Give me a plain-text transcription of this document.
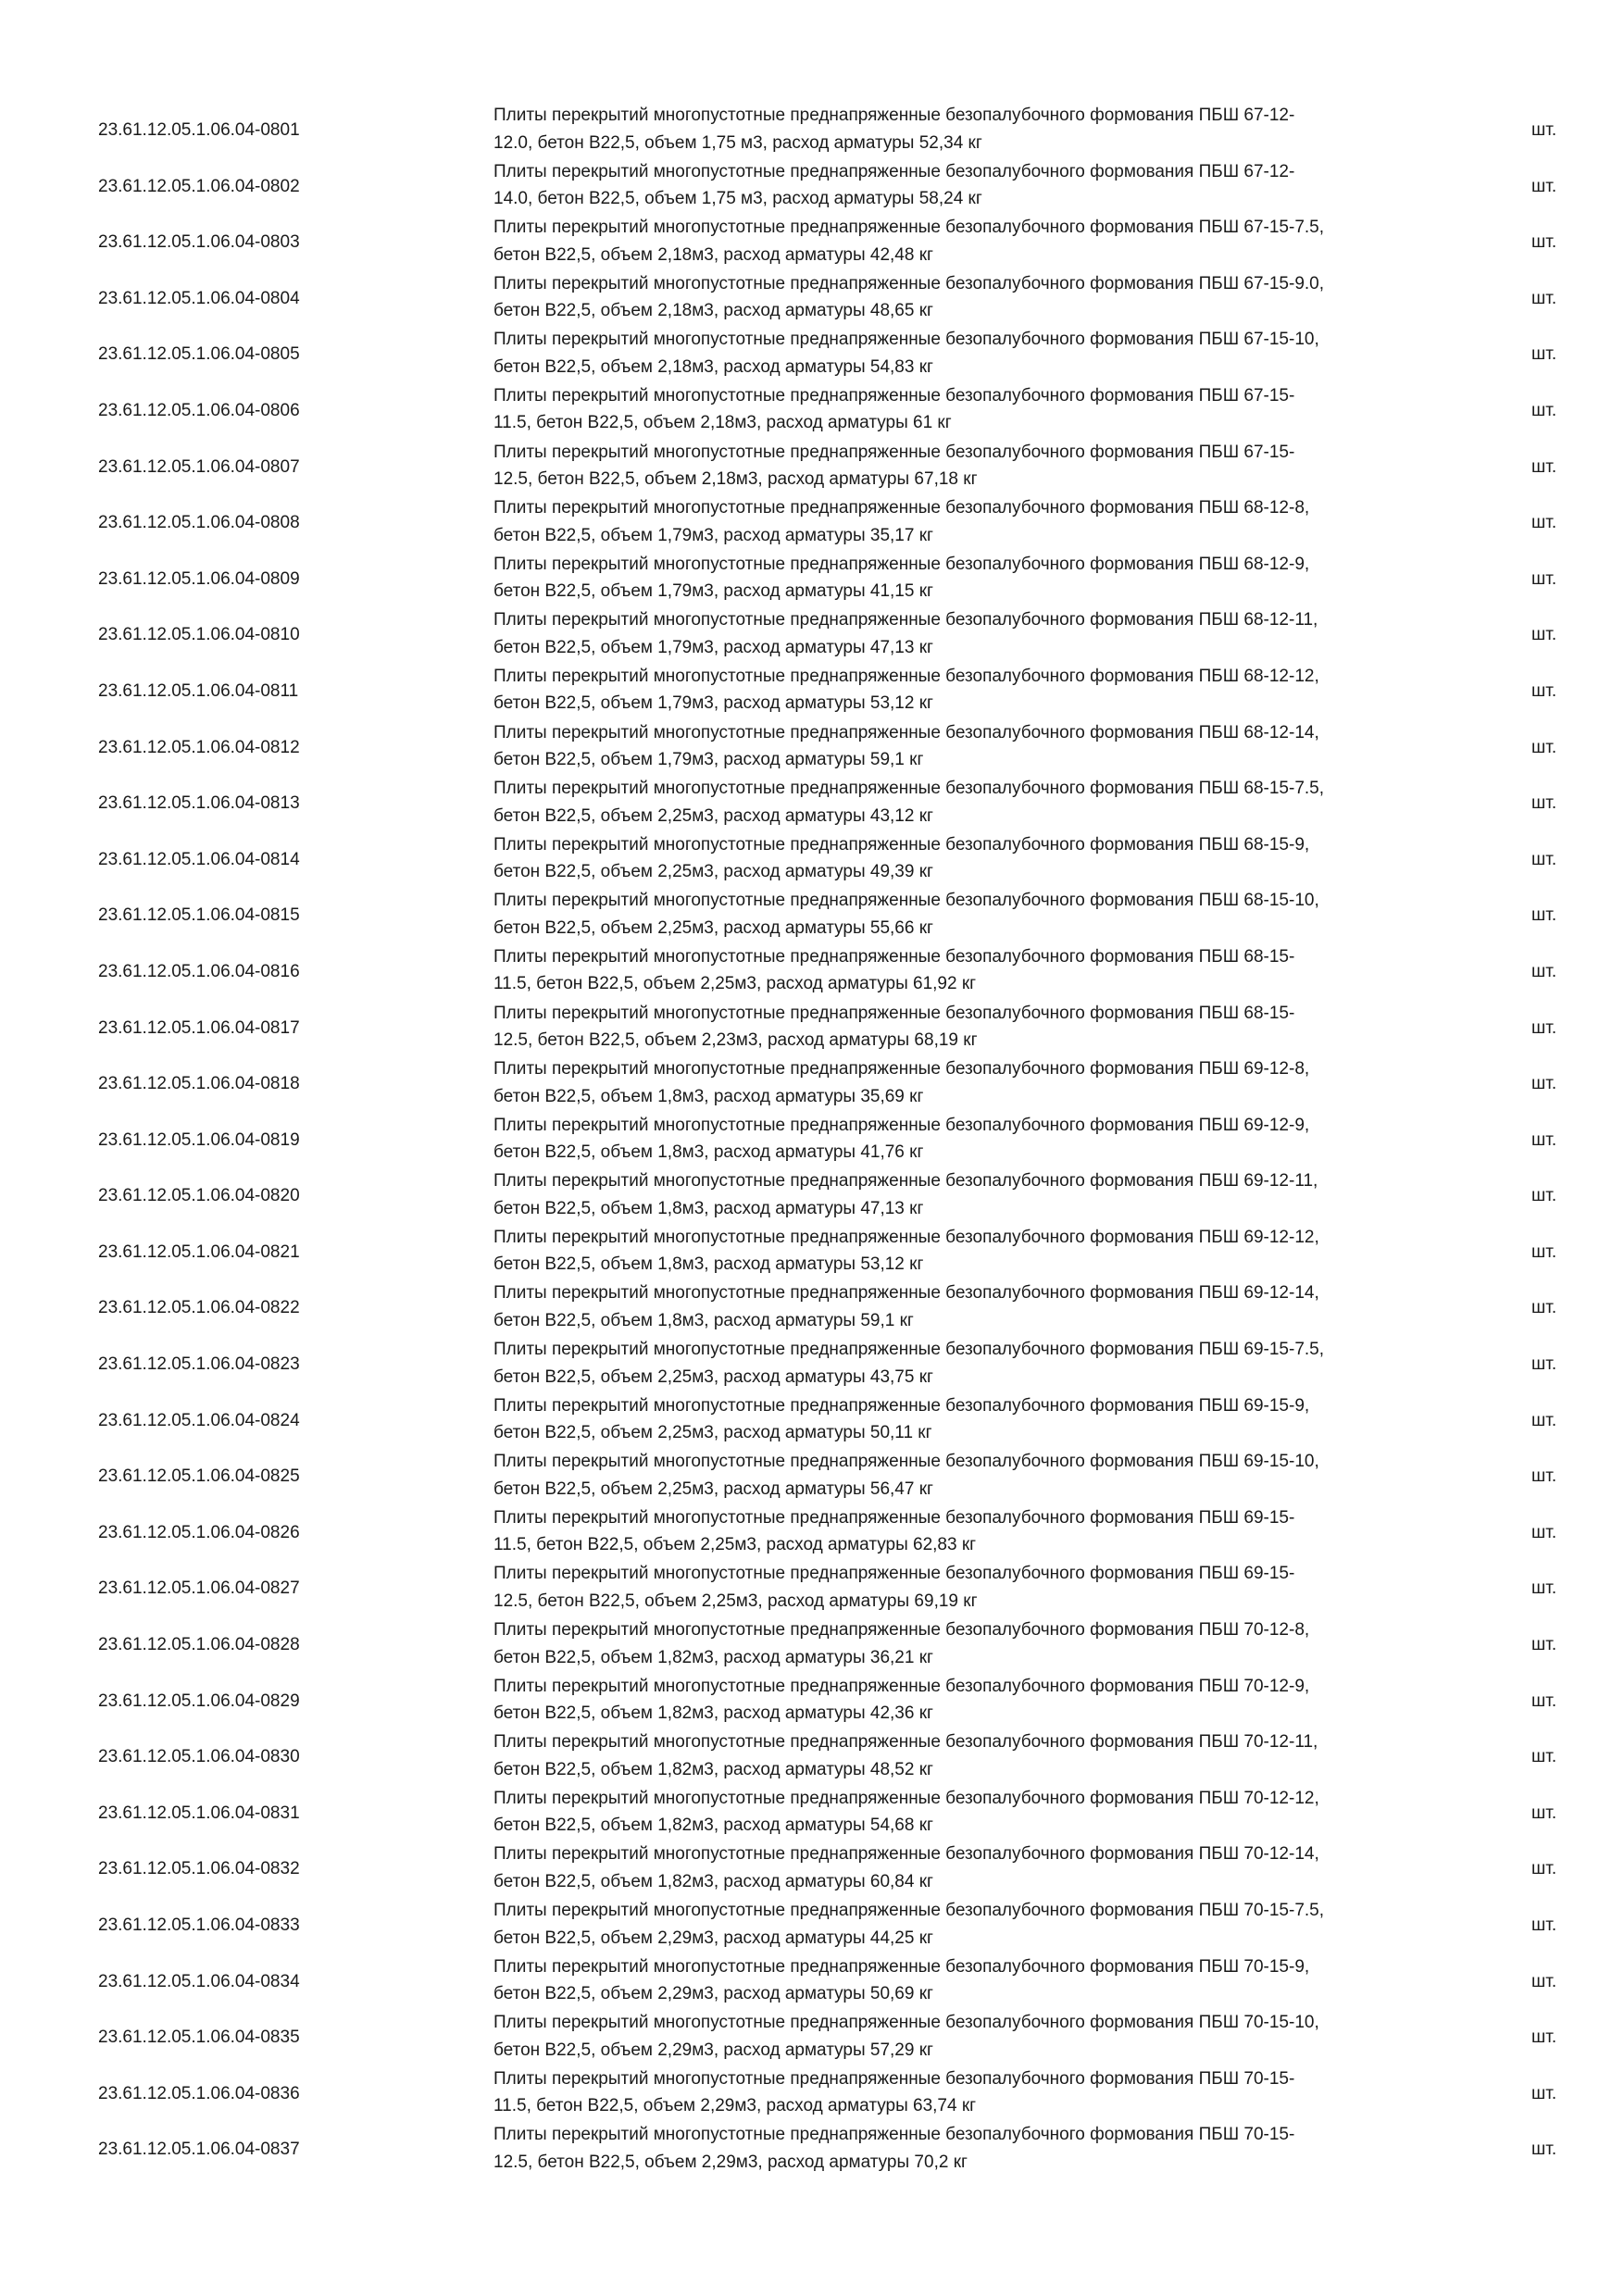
23.61.12.05.1.06.04-0801
Плиты перекрытий многопустотные преднапряженные безопалубочного формования ПБШ 67-12-
12.0, бетон В22,5, объем 1,75 м3, расход арматуры 52,34 кг
шт.
23.61.12.05.1.06.04-0802
Плиты перекрытий многопустотные преднапряженные безопалубочного формования ПБШ 67-12-
14.0, бетон В22,5, объем 1,75 м3, расход арматуры 58,24 кг
шт.
23.61.12.05.1.06.04-0803
Плиты перекрытий многопустотные преднапряженные безопалубочного формования ПБШ 67-15-7.5,
бетон В22,5, объем 2,18м3, расход арматуры 42,48 кг
шт.
23.61.12.05.1.06.04-0804
Плиты перекрытий многопустотные преднапряженные безопалубочного формования ПБШ 67-15-9.0,
бетон В22,5, объем 2,18м3, расход арматуры 48,65 кг
шт.
23.61.12.05.1.06.04-0805
Плиты перекрытий многопустотные преднапряженные безопалубочного формования ПБШ 67-15-10,
бетон В22,5, объем 2,18м3, расход арматуры 54,83 кг
шт.
23.61.12.05.1.06.04-0806
Плиты перекрытий многопустотные преднапряженные безопалубочного формования ПБШ 67-15-
11.5, бетон В22,5, объем 2,18м3, расход арматуры 61 кг
шт.
23.61.12.05.1.06.04-0807
Плиты перекрытий многопустотные преднапряженные безопалубочного формования ПБШ 67-15-
12.5, бетон В22,5, объем 2,18м3, расход арматуры 67,18 кг
шт.
23.61.12.05.1.06.04-0808
Плиты перекрытий многопустотные преднапряженные безопалубочного формования ПБШ 68-12-8,
бетон В22,5, объем 1,79м3, расход арматуры 35,17 кг
шт.
23.61.12.05.1.06.04-0809
Плиты перекрытий многопустотные преднапряженные безопалубочного формования ПБШ 68-12-9,
бетон В22,5, объем 1,79м3, расход арматуры 41,15 кг
шт.
23.61.12.05.1.06.04-0810
Плиты перекрытий многопустотные преднапряженные безопалубочного формования ПБШ 68-12-11,
бетон В22,5, объем 1,79м3, расход арматуры 47,13 кг
шт.
23.61.12.05.1.06.04-0811
Плиты перекрытий многопустотные преднапряженные безопалубочного формования ПБШ 68-12-12,
бетон В22,5, объем 1,79м3, расход арматуры 53,12 кг
шт.
23.61.12.05.1.06.04-0812
Плиты перекрытий многопустотные преднапряженные безопалубочного формования ПБШ 68-12-14,
бетон В22,5, объем 1,79м3, расход арматуры 59,1 кг
шт.
23.61.12.05.1.06.04-0813
Плиты перекрытий многопустотные преднапряженные безопалубочного формования ПБШ 68-15-7.5,
бетон В22,5, объем 2,25м3, расход арматуры 43,12 кг
шт.
23.61.12.05.1.06.04-0814
Плиты перекрытий многопустотные преднапряженные безопалубочного формования ПБШ 68-15-9,
бетон В22,5, объем 2,25м3, расход арматуры 49,39 кг
шт.
23.61.12.05.1.06.04-0815
Плиты перекрытий многопустотные преднапряженные безопалубочного формования ПБШ 68-15-10,
бетон В22,5, объем 2,25м3, расход арматуры 55,66 кг
шт.
23.61.12.05.1.06.04-0816
Плиты перекрытий многопустотные преднапряженные безопалубочного формования ПБШ 68-15-
11.5, бетон В22,5, объем 2,25м3, расход арматуры 61,92 кг
шт.
23.61.12.05.1.06.04-0817
Плиты перекрытий многопустотные преднапряженные безопалубочного формования ПБШ 68-15-
12.5, бетон В22,5, объем 2,23м3, расход арматуры 68,19 кг
шт.
23.61.12.05.1.06.04-0818
Плиты перекрытий многопустотные преднапряженные безопалубочного формования ПБШ 69-12-8,
бетон В22,5, объем 1,8м3, расход арматуры 35,69 кг
шт.
23.61.12.05.1.06.04-0819
Плиты перекрытий многопустотные преднапряженные безопалубочного формования ПБШ 69-12-9,
бетон В22,5, объем 1,8м3, расход арматуры 41,76 кг
шт.
23.61.12.05.1.06.04-0820
Плиты перекрытий многопустотные преднапряженные безопалубочного формования ПБШ 69-12-11,
бетон В22,5, объем 1,8м3, расход арматуры 47,13 кг
шт.
23.61.12.05.1.06.04-0821
Плиты перекрытий многопустотные преднапряженные безопалубочного формования ПБШ 69-12-12,
бетон В22,5, объем 1,8м3, расход арматуры 53,12 кг
шт.
23.61.12.05.1.06.04-0822
Плиты перекрытий многопустотные преднапряженные безопалубочного формования ПБШ 69-12-14,
бетон В22,5, объем 1,8м3, расход арматуры 59,1 кг
шт.
23.61.12.05.1.06.04-0823
Плиты перекрытий многопустотные преднапряженные безопалубочного формования ПБШ 69-15-7.5,
бетон В22,5, объем 2,25м3, расход арматуры 43,75 кг
шт.
23.61.12.05.1.06.04-0824
Плиты перекрытий многопустотные преднапряженные безопалубочного формования ПБШ 69-15-9,
бетон В22,5, объем 2,25м3, расход арматуры 50,11 кг
шт.
23.61.12.05.1.06.04-0825
Плиты перекрытий многопустотные преднапряженные безопалубочного формования ПБШ 69-15-10,
бетон В22,5, объем 2,25м3, расход арматуры 56,47 кг
шт.
23.61.12.05.1.06.04-0826
Плиты перекрытий многопустотные преднапряженные безопалубочного формования ПБШ 69-15-
11.5, бетон В22,5, объем 2,25м3, расход арматуры 62,83 кг
шт.
23.61.12.05.1.06.04-0827
Плиты перекрытий многопустотные преднапряженные безопалубочного формования ПБШ 69-15-
12.5, бетон В22,5, объем 2,25м3, расход арматуры 69,19 кг
шт.
23.61.12.05.1.06.04-0828
Плиты перекрытий многопустотные преднапряженные безопалубочного формования ПБШ 70-12-8,
бетон В22,5, объем 1,82м3, расход арматуры 36,21 кг
шт.
23.61.12.05.1.06.04-0829
Плиты перекрытий многопустотные преднапряженные безопалубочного формования ПБШ 70-12-9,
бетон В22,5, объем 1,82м3, расход арматуры 42,36 кг
шт.
23.61.12.05.1.06.04-0830
Плиты перекрытий многопустотные преднапряженные безопалубочного формования ПБШ 70-12-11,
бетон В22,5, объем 1,82м3, расход арматуры 48,52 кг
шт.
23.61.12.05.1.06.04-0831
Плиты перекрытий многопустотные преднапряженные безопалубочного формования ПБШ 70-12-12,
бетон В22,5, объем 1,82м3, расход арматуры 54,68 кг
шт.
23.61.12.05.1.06.04-0832
Плиты перекрытий многопустотные преднапряженные безопалубочного формования ПБШ 70-12-14,
бетон В22,5, объем 1,82м3, расход арматуры 60,84 кг
шт.
23.61.12.05.1.06.04-0833
Плиты перекрытий многопустотные преднапряженные безопалубочного формования ПБШ 70-15-7.5,
бетон В22,5, объем 2,29м3, расход арматуры 44,25 кг
шт.
23.61.12.05.1.06.04-0834
Плиты перекрытий многопустотные преднапряженные безопалубочного формования ПБШ 70-15-9,
бетон В22,5, объем 2,29м3, расход арматуры 50,69 кг
шт.
23.61.12.05.1.06.04-0835
Плиты перекрытий многопустотные преднапряженные безопалубочного формования ПБШ 70-15-10,
бетон В22,5, объем 2,29м3, расход арматуры 57,29 кг
шт.
23.61.12.05.1.06.04-0836
Плиты перекрытий многопустотные преднапряженные безопалубочного формования ПБШ 70-15-
11.5, бетон В22,5, объем 2,29м3, расход арматуры 63,74 кг
шт.
23.61.12.05.1.06.04-0837
Плиты перекрытий многопустотные преднапряженные безопалубочного формования ПБШ 70-15-
12.5, бетон В22,5, объем 2,29м3, расход арматуры 70,2 кг
шт.
